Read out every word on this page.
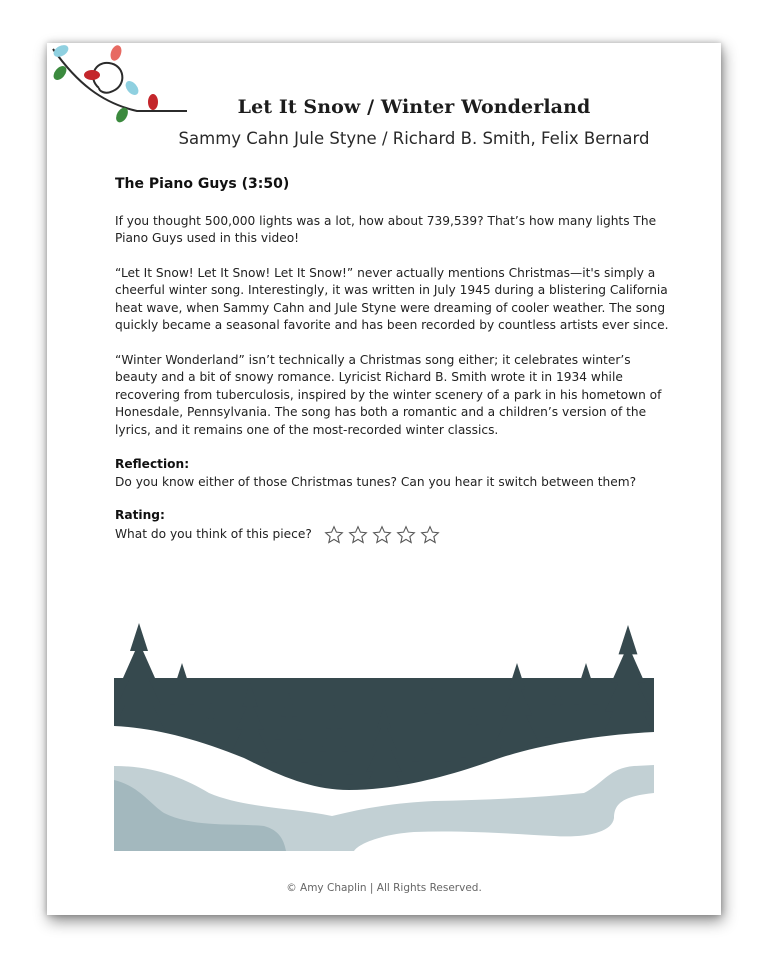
Let It Snow / Winter Wonderland
Sammy Cahn Jule Styne / Richard B. Smith, Felix Bernard
The Piano Guys (3:50)

If you thought 500,000 lights was a lot, how about 739,539? That’s how many lights The Piano Guys used in this video!

“Let It Snow! Let It Snow! Let It Snow!” never actually mentions Christmas—it's simply a cheerful winter song. Interestingly, it was written in July 1945 during a blistering California heat wave, when Sammy Cahn and Jule Styne were dreaming of cooler weather. The song quickly became a seasonal favorite and has been recorded by countless artists ever since.

“Winter Wonderland” isn’t technically a Christmas song either; it celebrates winter’s beauty and a bit of snowy romance. Lyricist Richard B. Smith wrote it in 1934 while recovering from tuberculosis, inspired by the winter scenery of a park in his hometown of Honesdale, Pennsylvania. The song has both a romantic and a children’s version of the lyrics, and it remains one of the most-recorded winter classics.

Reflection:
Do you know either of those Christmas tunes? Can you hear it switch between them?
Rating:
What do you think of this piece?
© Amy Chaplin | All Rights Reserved.
